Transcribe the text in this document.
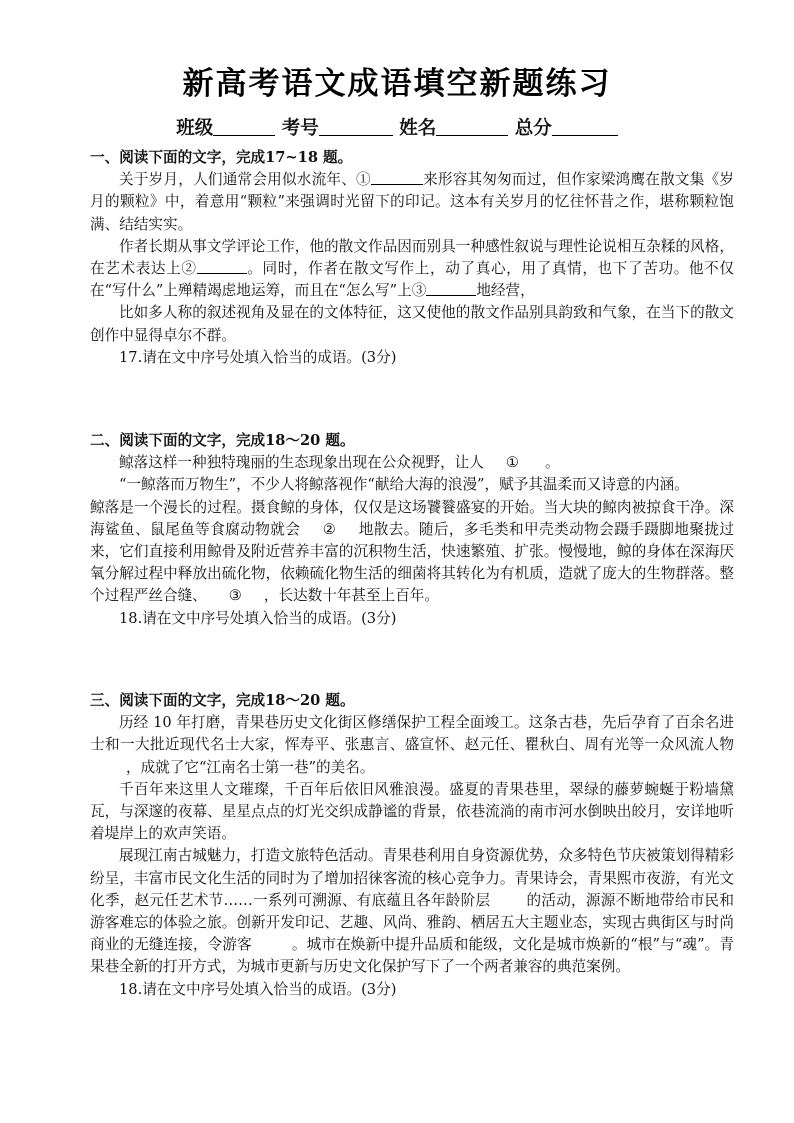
新高考语文成语填空新题练习
班级	考号	姓名	总分

一、阅读下面的文字，完成17~18 题。

关于岁月，人们通常会用似水流年、①	来形容其匆匆而过，但作家梁鸿鹰在散文集《岁月的颗粒》中，着意用“颗粒”来强调时光留下的印记。这本有关岁月的忆往怀昔之作，堪称颗粒饱满、结结实实。

作者长期从事文学评论工作，他的散文作品因而别具一种感性叙说与理性论说相互杂糅的风格，在艺术表达上②	。同时，作者在散文写作上，动了真心，用了真情，也下了苦功。他不仅在“写什么”上殚精竭虑地运筹，而且在“怎么写”上③	地经营，

比如多人称的叙述视角及显在的文体特征，这又使他的散文作品别具韵致和气象，在当下的散文创作中显得卓尔不群。

17.请在文中序号处填入恰当的成语。(3分)

二、阅读下面的文字，完成18～20 题。

鲸落这样一种独特瑰丽的生态现象出现在公众视野，让人 ① 。

“一鲸落而万物生”，不少人将鲸落视作“献给大海的浪漫”，赋予其温柔而又诗意的内涵。

鲸落是一个漫长的过程。摄食鲸的身体，仅仅是这场饕餮盛宴的开始。当大块的鲸肉被掠食干净。深海鲨鱼、鼠尾鱼等食腐动物就会 ② 地散去。随后，多毛类和甲壳类动物会蹑手蹑脚地聚拢过来，它们直接利用鲸骨及附近营养丰富的沉积物生活，快速繁殖、扩张。慢慢地，鲸的身体在深海厌氧分解过程中释放出硫化物，依赖硫化物生活的细菌将其转化为有机质，造就了庞大的生物群落。整个过程严丝合缝、 ③ ，长达数十年甚至上百年。

18.请在文中序号处填入恰当的成语。(3分)

三、阅读下面的文字，完成18～20 题。

历经 10 年打磨，青果巷历史文化街区修缮保护工程全面竣工。这条古巷，先后孕育了百余名进士和一大批近现代名士大家，恽寿平、张惠言、盛宣怀、赵元任、瞿秋白、周有光等一众风流人物，成就了它“江南名士第一巷”的美名。

千百年来这里人文璀璨，千百年后依旧风雅浪漫。盛夏的青果巷里，翠绿的藤萝蜿蜒于粉墙黛瓦，与深邃的夜幕、星星点点的灯光交织成静谧的背景，依巷流淌的南市河水倒映出皎月，安详地听着堤岸上的欢声笑语。

展现江南古城魅力，打造文旅特色活动。青果巷利用自身资源优势，众多特色节庆被策划得精彩纷呈，丰富市民文化生活的同时为了增加招徕客流的核心竞争力。青果诗会，青果熙市夜游，有光文化季，赵元任艺术节……一系列可溯源、有底蕴且各年龄阶层 的活动，源源不断地带给市民和游客难忘的体验之旅。创新开发印记、艺趣、风尚、雅韵、栖居五大主题业态，实现古典街区与时尚商业的无缝连接，令游客	。城市在焕新中提升品质和能级，文化是城市焕新的“根”与“魂”。青果巷全新的打开方式，为城市更新与历史文化保护写下了一个两者兼容的典范案例。

18.请在文中序号处填入恰当的成语。(3分)
